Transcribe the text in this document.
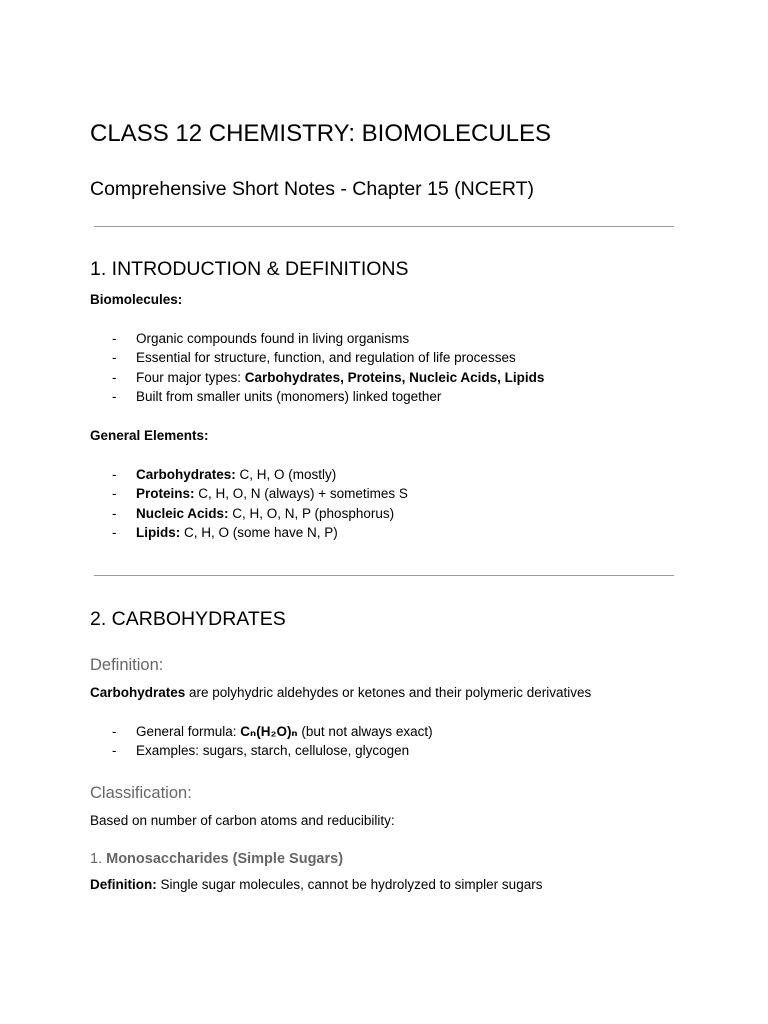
CLASS 12 CHEMISTRY: BIOMOLECULES
Comprehensive Short Notes - Chapter 15 (NCERT)
1. INTRODUCTION & DEFINITIONS
Biomolecules:
- Organic compounds found in living organisms
- Essential for structure, function, and regulation of life processes
- Four major types: Carbohydrates, Proteins, Nucleic Acids, Lipids
- Built from smaller units (monomers) linked together
General Elements:
- Carbohydrates: C, H, O (mostly)
- Proteins: C, H, O, N (always) + sometimes S
- Nucleic Acids: C, H, O, N, P (phosphorus)
- Lipids: C, H, O (some have N, P)
2. CARBOHYDRATES
Definition:
Carbohydrates are polyhydric aldehydes or ketones and their polymeric derivatives
- General formula: Cₙ(H₂O)ₙ (but not always exact)
- Examples: sugars, starch, cellulose, glycogen
Classification:
Based on number of carbon atoms and reducibility:
1. Monosaccharides (Simple Sugars)
Definition: Single sugar molecules, cannot be hydrolyzed to simpler sugars
